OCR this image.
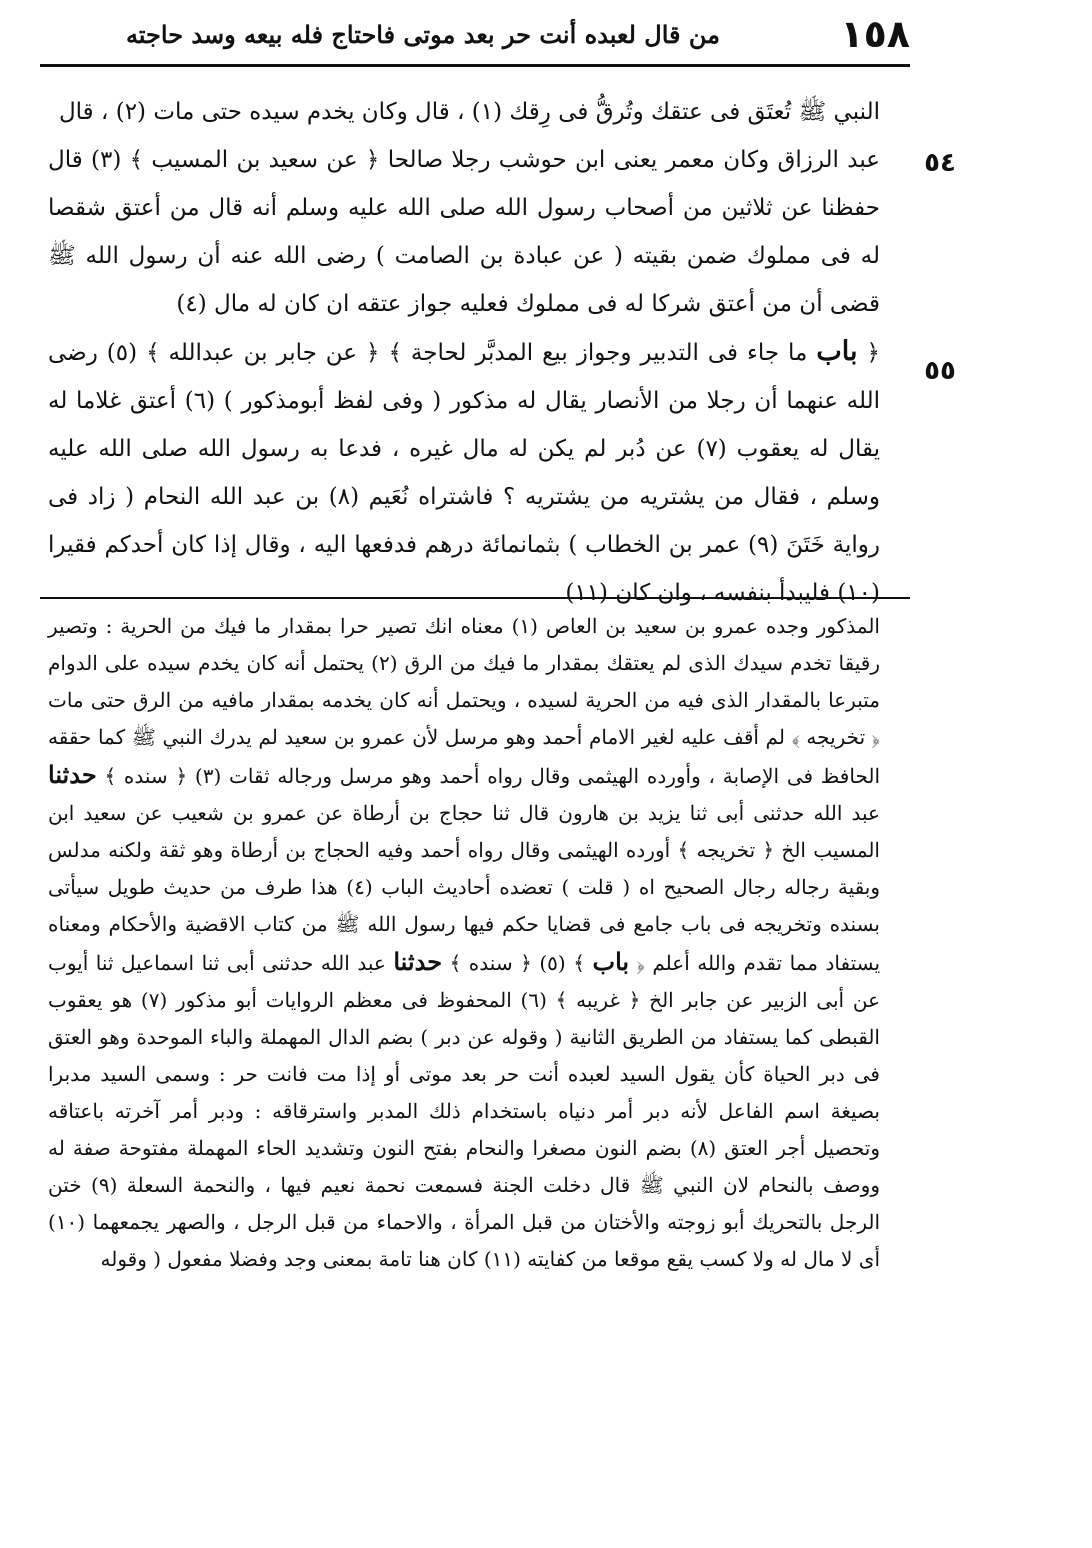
١٥٨
من قال لعبده أنت حر بعد موتى فاحتاج فله بيعه وسد حاجته
٥٤
٥٥

النبي ﷺ تُعتَق فى عتقك وتُرقُّ فى رِقك (١) ، قال وكان يخدم سيده حتى مات (٢) ، قال

عبد الرزاق وكان معمر يعنى ابن حوشب رجلا صالحا ﴿ عن سعيد بن المسيب ﴾ (٣) قال حفظنا عن ثلاثين من أصحاب رسول الله صلى الله عليه وسلم أنه قال من أعتق شقصا له فى مملوك ضمن بقيته ( عن عبادة بن الصامت ) رضى الله عنه أن رسول الله ﷺ قضى أن من أعتق شركا له فى مملوك فعليه جواز عتقه ان كان له مال (٤)

﴿ باب ما جاء فى التدبير وجواز بيع المدبَّر لحاجة ﴾ ﴿ عن جابر بن عبدالله ﴾ (٥) رضى الله عنهما أن رجلا من الأنصار يقال له مذكور ( وفى لفظ أبومذكور ) (٦) أعتق غلاما له يقال له يعقوب (٧) عن دُبر لم يكن له مال غيره ، فدعا به رسول الله صلى الله عليه وسلم ، فقال من يشتريه من يشتريه ؟ فاشتراه نُعَيم (٨) بن عبد الله النحام ( زاد فى رواية خَتَنَ (٩) عمر بن الخطاب ) بثمانمائة درهم فدفعها اليه ، وقال إذا كان أحدكم فقيرا (١٠) فليبدأ بنفسه ، وان كان (١١)

المذكور وجده عمرو بن سعيد بن العاص (١) معناه انك تصير حرا بمقدار ما فيك من الحرية : وتصير رقيقا تخدم سيدك الذى لم يعتقك بمقدار ما فيك من الرق (٢) يحتمل أنه كان يخدم سيده على الدوام متبرعا بالمقدار الذى فيه من الحرية لسيده ، ويحتمل أنه كان يخدمه بمقدار مافيه من الرق حتى مات ﴿ تخريجه ﴾ لم أقف عليه لغير الامام أحمد وهو مرسل لأن عمرو بن سعيد لم يدرك النبي ﷺ كما حققه الحافظ فى الإصابة ، وأورده الهيثمى وقال رواه أحمد وهو مرسل ورجاله ثقات (٣) ﴿ سنده ﴾ حدثنا عبد الله حدثنى أبى ثنا يزيد بن هارون قال ثنا حجاج بن أرطاة عن عمرو بن شعيب عن سعيد ابن المسيب الخ ﴿ تخريجه ﴾ أورده الهيثمى وقال رواه أحمد وفيه الحجاج بن أرطاة وهو ثقة ولكنه مدلس وبقية رجاله رجال الصحيح اه ( قلت ) تعضده أحاديث الباب (٤) هذا طرف من حديث طويل سيأتى بسنده وتخريجه فى باب جامع فى قضايا حكم فيها رسول الله ﷺ من كتاب الاقضية والأحكام ومعناه يستفاد مما تقدم والله أعلم ﴿ باب ﴾ (٥) ﴿ سنده ﴾ حدثنا عبد الله حدثنى أبى ثنا اسماعيل ثنا أيوب عن أبى الزبير عن جابر الخ ﴿ غريبه ﴾ (٦) المحفوظ فى معظم الروايات أبو مذكور (٧) هو يعقوب القبطى كما يستفاد من الطريق الثانية ( وقوله عن دبر ) بضم الدال المهملة والباء الموحدة وهو العتق فى دبر الحياة كأن يقول السيد لعبده أنت حر بعد موتى أو إذا مت فانت حر : وسمى السيد مدبرا بصيغة اسم الفاعل لأنه دبر أمر دنياه باستخدام ذلك المدبر واسترقاقه : ودبر أمر آخرته باعتاقه وتحصيل أجر العتق (٨) بضم النون مصغرا والنحام بفتح النون وتشديد الحاء المهملة مفتوحة صفة له ووصف بالنحام لان النبي ﷺ قال دخلت الجنة فسمعت نحمة نعيم فيها ، والنحمة السعلة (٩) ختن الرجل بالتحريك أبو زوجته والأختان من قبل المرأة ، والاحماء من قبل الرجل ، والصهر يجمعهما (١٠) أى لا مال له ولا كسب يقع موقعا من كفايته (١١) كان هنا تامة بمعنى وجد وفضلا مفعول ( وقوله
